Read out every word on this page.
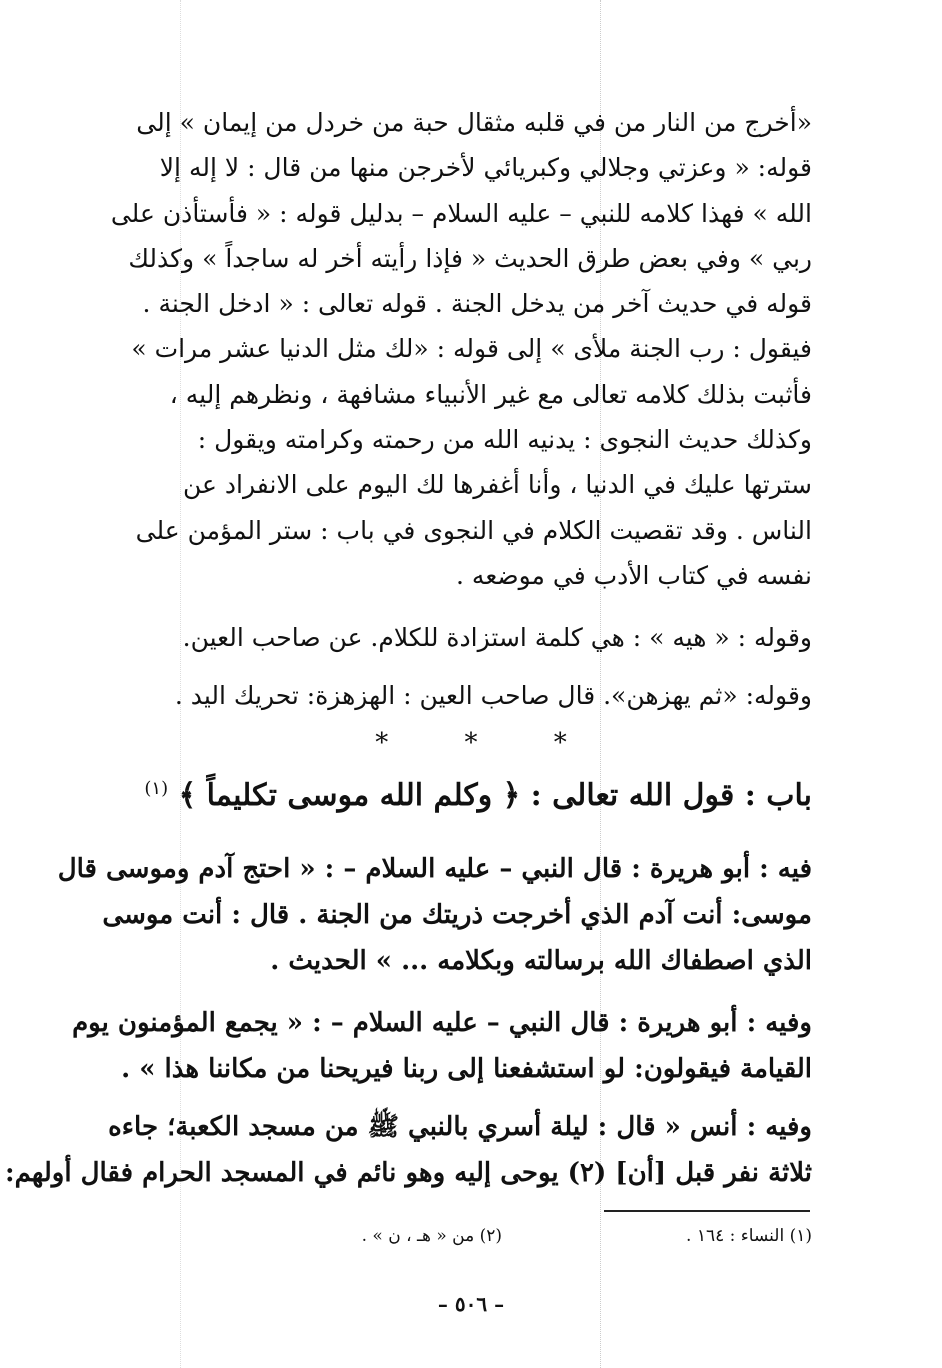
«أخرج من النار من في قلبه مثقال حبة من خردل من إيمان » إلى
قوله: « وعزتي وجلالي وكبريائي لأخرجن منها من قال : لا إله إلا
الله » فهذا كلامه للنبي – عليه السلام – بدليل قوله : « فأستأذن على
ربي » وفي بعض طرق الحديث « فإذا رأيته أخر له ساجداً » وكذلك
قوله في حديث آخر من يدخل الجنة . قوله تعالى : « ادخل الجنة .
فيقول : رب الجنة ملأى » إلى قوله : «لك مثل الدنيا عشر مرات »
فأثبت بذلك كلامه تعالى مع غير الأنبياء مشافهة ، ونظرهم إليه ،
وكذلك حديث النجوى : يدنيه الله من رحمته وكرامته ويقول :
سترتها عليك في الدنيا ، وأنا أغفرها لك اليوم على الانفراد عن
الناس . وقد تقصيت الكلام في النجوى في باب : ستر المؤمن على
نفسه في كتاب الأدب في موضعه .
وقوله : « هيه » : هي كلمة استزادة للكلام. عن صاحب العين.
وقوله: «ثم يهزهن». قال صاحب العين : الهزهزة: تحريك اليد .
* * *
باب : قول الله تعالى : ﴿ وكلم الله موسى تكليماً ﴾ $^{(١)}$
فيه : أبو هريرة : قال النبي – عليه السلام – : « احتج آدم وموسى قال
موسى: أنت آدم الذي أخرجت ذريتك من الجنة . قال : أنت موسى
الذي اصطفاك الله برسالته وبكلامه ... » الحديث .
وفيه : أبو هريرة : قال النبي – عليه السلام – : « يجمع المؤمنون يوم
القيامة فيقولون: لو استشفعنا إلى ربنا فيريحنا من مكاننا هذا » .
وفيه : أنس « قال : ليلة أسري بالنبي ﷺ من مسجد الكعبة؛ جاءه
ثلاثة نفر قبل [أن] (٢) يوحى إليه وهو نائم في المسجد الحرام فقال أولهم:
(١) النساء : ١٦٤ .
(٢) من « هـ ، ن » .
– ٥٠٦ –
